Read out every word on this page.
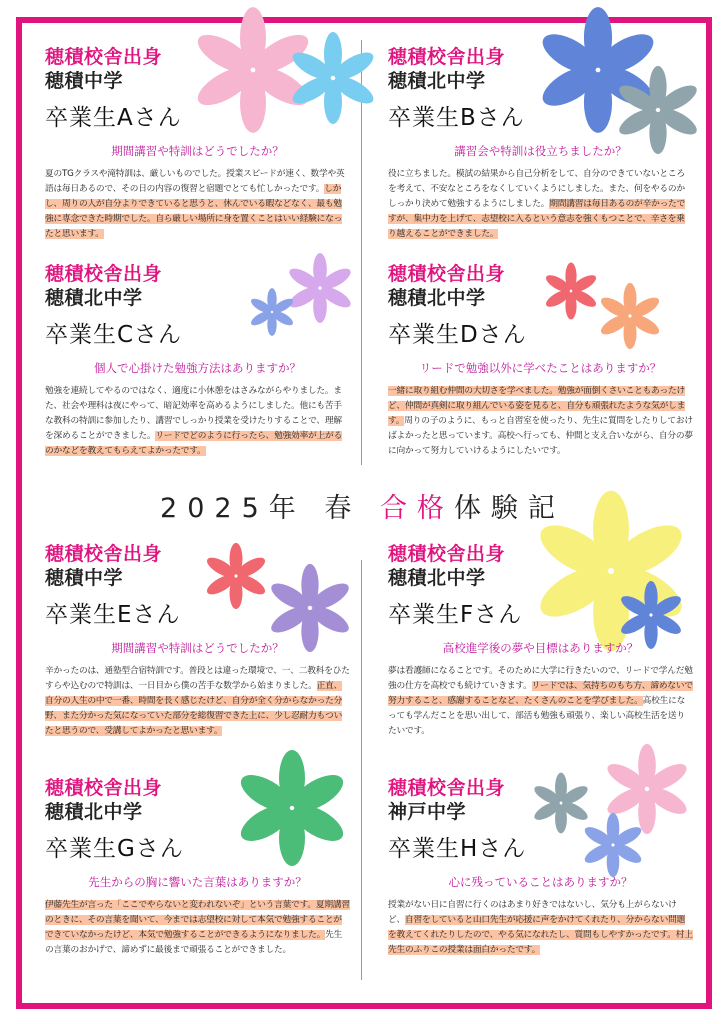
2025年 春 合格体験記
穂積校舎出身
穂積中学
卒業生Aさん
期間講習や特訓はどうでしたか？
夏のTGクラスや滝特訓は、厳しいものでした。授業スピードが速く、数学や英語は毎日あるので、その日の内容の復習と宿題でとても忙しかったです。しかし、周りの人が自分よりできていると思うと、休んでいる暇などなく、最も勉強に専念できた時期でした。自ら厳しい場所に身を置くことはいい経験になったと思います。
穂積校舎出身
穂積北中学
卒業生Bさん
講習会や特訓は役立ちましたか？
役に立ちました。模試の結果から自己分析をして、自分のできていないところを考えて、不安なところをなくしていくようにしました。また、何をやるのかしっかり決めて勉強するようにしました。期間講習は毎日あるのが辛かったですが、集中力を上げて、志望校に入るという意志を強くもつことで、辛さを乗り越えることができました。
穂積校舎出身
穂積北中学
卒業生Cさん
個人で心掛けた勉強方法はありますか？
勉強を連続してやるのではなく、適度に小休憩をはさみながらやりました。また、社会や理科は夜にやって、暗記効率を高めるようにしました。他にも苦手な教科の特訓に参加したり、講習でしっかり授業を受けたりすることで、理解を深めることができました。リードでどのように行ったら、勉強効率が上がるのかなどを教えてもらえてよかったです。
穂積校舎出身
穂積北中学
卒業生Dさん
リードで勉強以外に学べたことはありますか？
一緒に取り組む仲間の大切さを学べました。勉強が面倒くさいこともあったけど、仲間が真剣に取り組んでいる姿を見ると、自分も頑張れたような気がします。周りの子のように、もっと自習室を使ったり、先生に質問をしたりしておけばよかったと思っています。高校へ行っても、仲間と支え合いながら、自分の夢に向かって努力していけるようにしたいです。
穂積校舎出身
穂積中学
卒業生Eさん
期間講習や特訓はどうでしたか？
辛かったのは、通塾型合宿特訓です。普段とは違った環境で、一、二教科をひたすらや込むので特訓は、一日目から僕の苦手な数学から始まりました。正直、自分の人生の中で一番、時間を長く感じたけど、自分が全く分からなかった分野、また分かった気になっていた部分を総復習できた上に、少し忍耐力もついたと思うので、受講してよかったと思います。
穂積校舎出身
穂積北中学
卒業生Fさん
高校進学後の夢や目標はありますか？
夢は看護師になることです。そのために大学に行きたいので、リードで学んだ勉強の仕方を高校でも続けていきます。リードでは、気持ちのもち方、諦めないで努力すること、感謝することなど、たくさんのことを学びました。高校生になっても学んだことを思い出して、部活も勉強も頑張り、楽しい高校生活を送りたいです。
穂積校舎出身
穂積北中学
卒業生Gさん
先生からの胸に響いた言葉はありますか？
伊藤先生が言った「ここでやらないと変われないぞ」という言葉です。夏期講習のときに、その言葉を聞いて、今までは志望校に対して本気で勉強することができていなかったけど、本気で勉強することができるようになりました。先生の言葉のおかげで、諦めずに最後まで頑張ることができました。
穂積校舎出身
神戸中学
卒業生Hさん
心に残っていることはありますか？
授業がない日に自習に行くのはあまり好きではないし、気分も上がらないけど、自習をしていると山口先生が応援に声をかけてくれたり、分からない問題を教えてくれたりしたので、やる気になれたし、質問もしやすかったです。村上先生のふりこの授業は面白かったです。
